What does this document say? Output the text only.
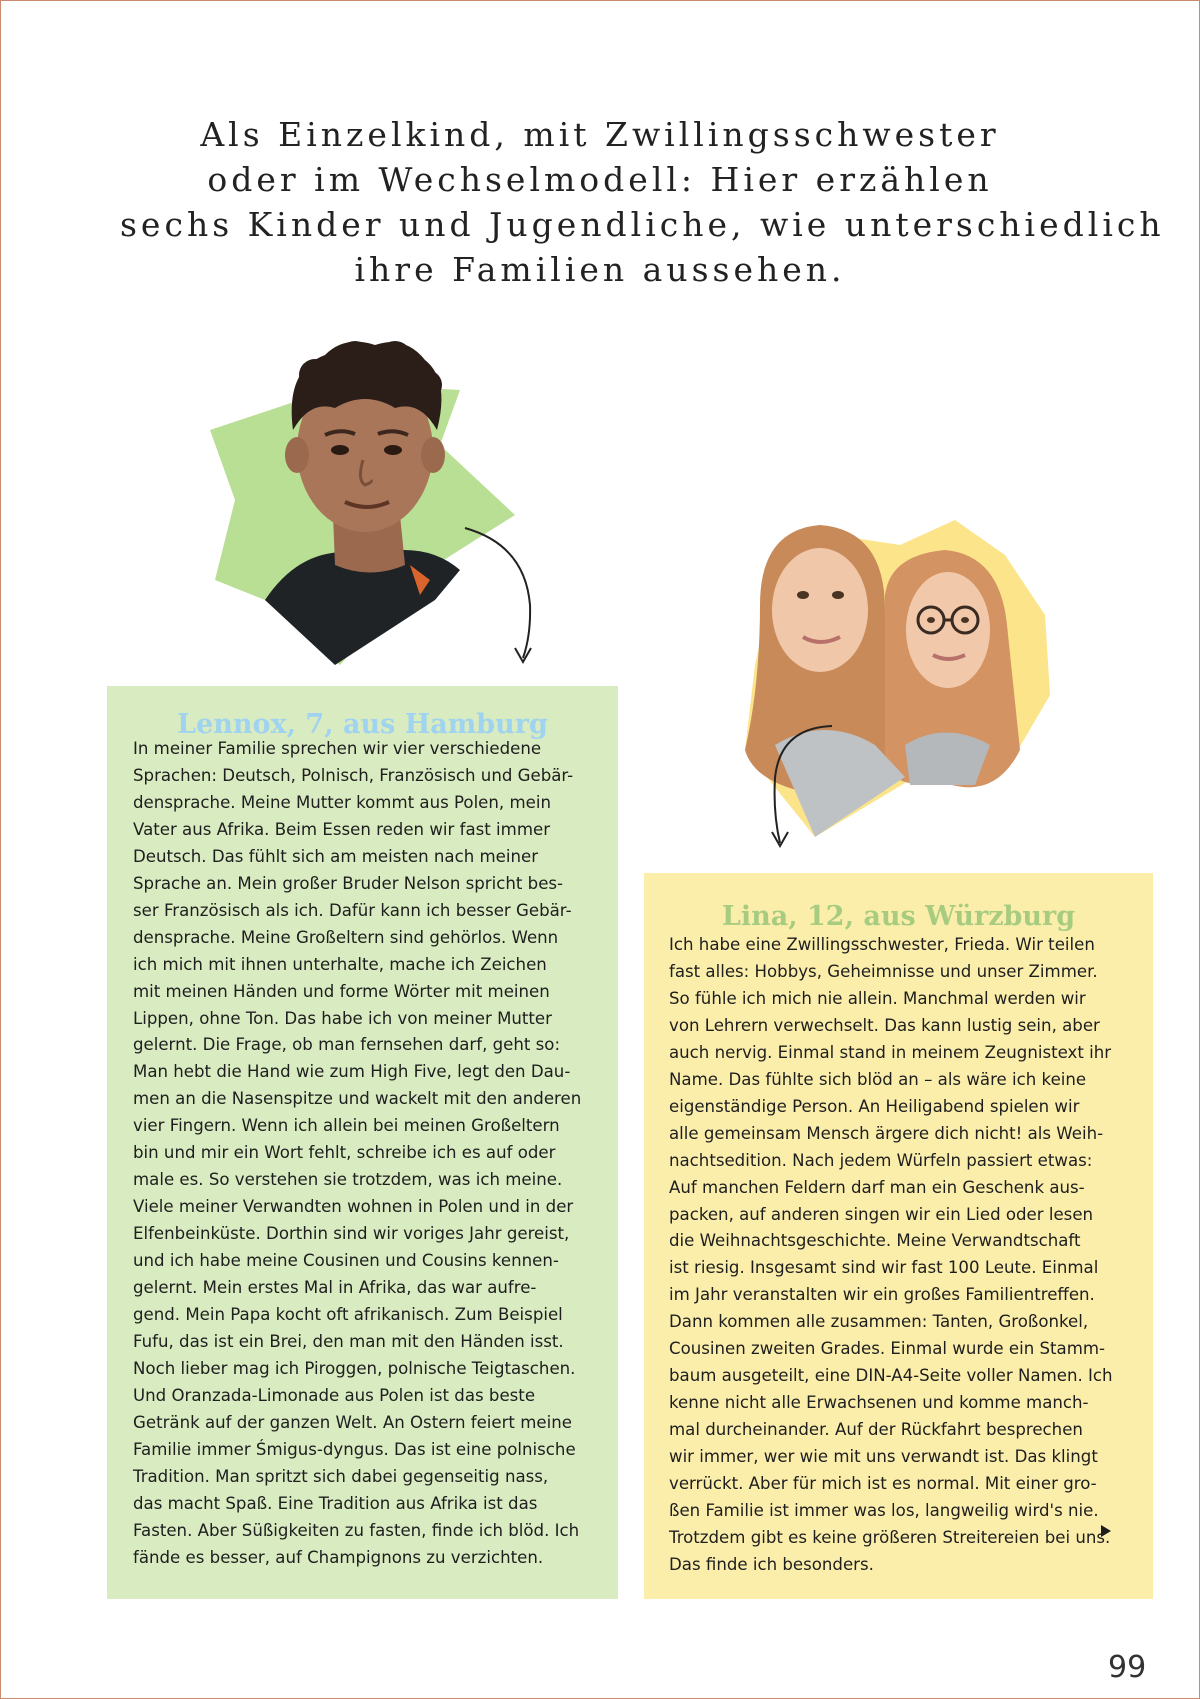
Als Einzelkind, mit Zwillingsschwester
oder im Wechselmodell: Hier erzählen
sechs Kinder und Jugendliche, wie unterschiedlich
ihre Familien aussehen.
Lennox, 7, aus Hamburg

In meiner Familie sprechen wir vier verschiedene
Sprachen: Deutsch, Polnisch, Französisch und Gebär-
densprache. Meine Mutter kommt aus Polen, mein
Vater aus Afrika. Beim Essen reden wir fast immer
Deutsch. Das fühlt sich am meisten nach meiner
Sprache an. Mein großer Bruder Nelson spricht bes-
ser Französisch als ich. Dafür kann ich besser Gebär-
densprache. Meine Großeltern sind gehörlos. Wenn
ich mich mit ihnen unterhalte, mache ich Zeichen
mit meinen Händen und forme Wörter mit meinen
Lippen, ohne Ton. Das habe ich von meiner Mutter
gelernt. Die Frage, ob man fernsehen darf, geht so:
Man hebt die Hand wie zum High Five, legt den Dau-
men an die Nasenspitze und wackelt mit den anderen
vier Fingern. Wenn ich allein bei meinen Großeltern
bin und mir ein Wort fehlt, schreibe ich es auf oder
male es. So verstehen sie trotzdem, was ich meine.
Viele meiner Verwandten wohnen in Polen und in der
Elfenbeinküste. Dorthin sind wir voriges Jahr gereist,
und ich habe meine Cousinen und Cousins kennen-
gelernt. Mein erstes Mal in Afrika, das war aufre-
gend. Mein Papa kocht oft afrikanisch. Zum Beispiel
Fufu, das ist ein Brei, den man mit den Händen isst.
Noch lieber mag ich Piroggen, polnische Teigtaschen.
Und Oranzada-Limonade aus Polen ist das beste
Getränk auf der ganzen Welt. An Ostern feiert meine
Familie immer Śmigus-dyngus. Das ist eine polnische
Tradition. Man spritzt sich dabei gegenseitig nass,
das macht Spaß. Eine Tradition aus Afrika ist das
Fasten. Aber Süßigkeiten zu fasten, finde ich blöd. Ich
fände es besser, auf Champignons zu verzichten.

Lina, 12, aus Würzburg

Ich habe eine Zwillingsschwester, Frieda. Wir teilen
fast alles: Hobbys, Geheimnisse und unser Zimmer.
So fühle ich mich nie allein. Manchmal werden wir
von Lehrern verwechselt. Das kann lustig sein, aber
auch nervig. Einmal stand in meinem Zeugnistext ihr
Name. Das fühlte sich blöd an – als wäre ich keine
eigenständige Person. An Heiligabend spielen wir
alle gemeinsam Mensch ärgere dich nicht! als Weih-
nachtsedition. Nach jedem Würfeln passiert etwas:
Auf manchen Feldern darf man ein Geschenk aus-
packen, auf anderen singen wir ein Lied oder lesen
die Weihnachtsgeschichte. Meine Verwandtschaft
ist riesig. Insgesamt sind wir fast 100 Leute. Einmal
im Jahr veranstalten wir ein großes Familientreffen.
Dann kommen alle zusammen: Tanten, Großonkel,
Cousinen zweiten Grades. Einmal wurde ein Stamm-
baum ausgeteilt, eine DIN-A4-Seite voller Namen. Ich
kenne nicht alle Erwachsenen und komme manch-
mal durcheinander. Auf der Rückfahrt besprechen
wir immer, wer wie mit uns verwandt ist. Das klingt
verrückt. Aber für mich ist es normal. Mit einer gro-
ßen Familie ist immer was los, langweilig wird's nie.
Trotzdem gibt es keine größeren Streitereien bei uns.
Das finde ich besonders.

99
